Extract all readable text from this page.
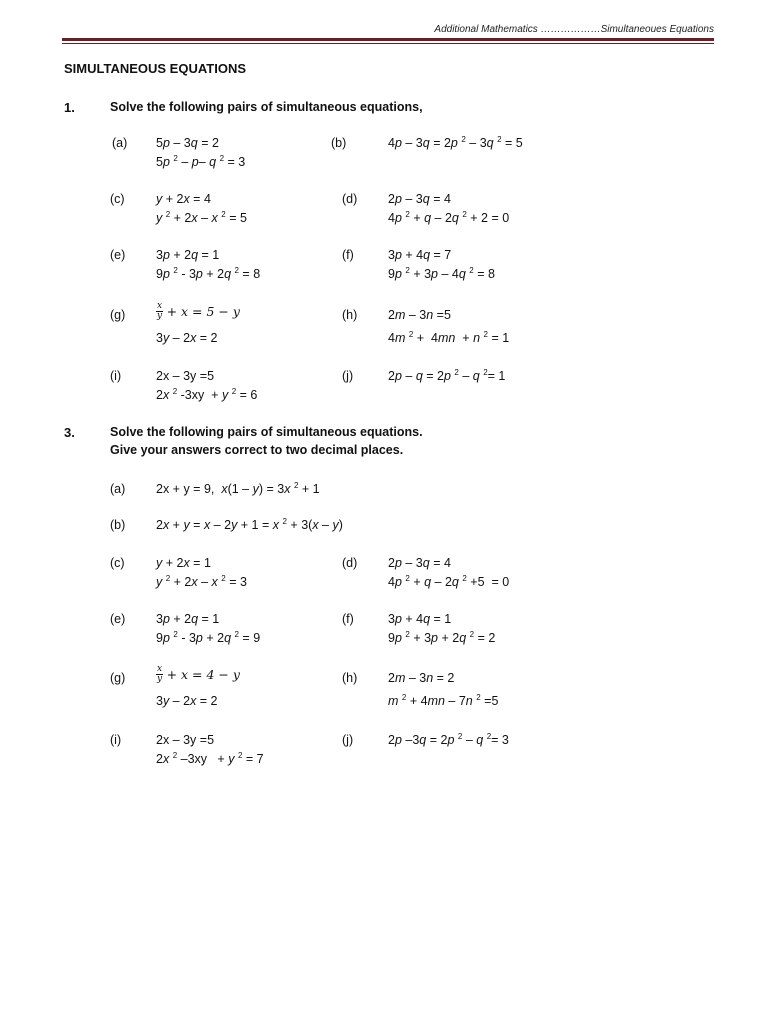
Additional Mathematics ………………Simultaneoues Equations
SIMULTANEOUS EQUATIONS
1.	Solve the following pairs of simultaneous equations,
(a) 5p – 3q = 2
5p $^2$ – p– q $^2$ = 3
(b)	4p – 3q = 2p $^2$ – 3q $^2$ = 5
(c)	y + 2x = 4
y $^2$ + 2x – x $^2$ = 5
(d) 2p – 3q = 4
4p $^2$ + q – 2q $^2$ + 2 = 0
(e) 3p + 2q = 1
9p $^2$ - 3p + 2q $^2$ = 8
(f)	3p + 4q = 7
9p $^2$ + 3p – 4q $^2$ = 8
(g)	$\frac{x}{y} + x = 5 - y$
3y – 2x = 2
(h) 2m – 3n =5
4m $^2$ +  4mn  + n $^2$ = 1
(i)	2x – 3y =5
2x $^2$ -3xy  + y $^2$ = 6
(j)	2p – q = 2p $^2$ – q $^2$= 1
3.	Solve the following pairs of simultaneous equations.
Give your answers correct to two decimal places.
(a) 2x + y = 9,  x(1 – y) = 3x $^2$ + 1
(b) 2x + y = x – 2y + 1 = x $^2$ + 3(x – y)
(c)	y + 2x = 1
y $^2$ + 2x – x $^2$ = 3
(d) 2p – 3q = 4
4p $^2$ + q – 2q $^2$ +5  = 0
(e) 3p + 2q = 1
9p $^2$ - 3p + 2q $^2$ = 9
(f)	3p + 4q = 1
9p $^2$ + 3p + 2q $^2$ = 2
(g)	$\frac{x}{y} + x = 4 - y$
3y – 2x = 2
(h) 2m – 3n = 2
m $^2$ + 4mn – 7n $^2$ =5
(i)	2x – 3y =5
2x $^2$ –3xy   + y $^2$ = 7
(j)	2p –3q = 2p $^2$ – q $^2$= 3
